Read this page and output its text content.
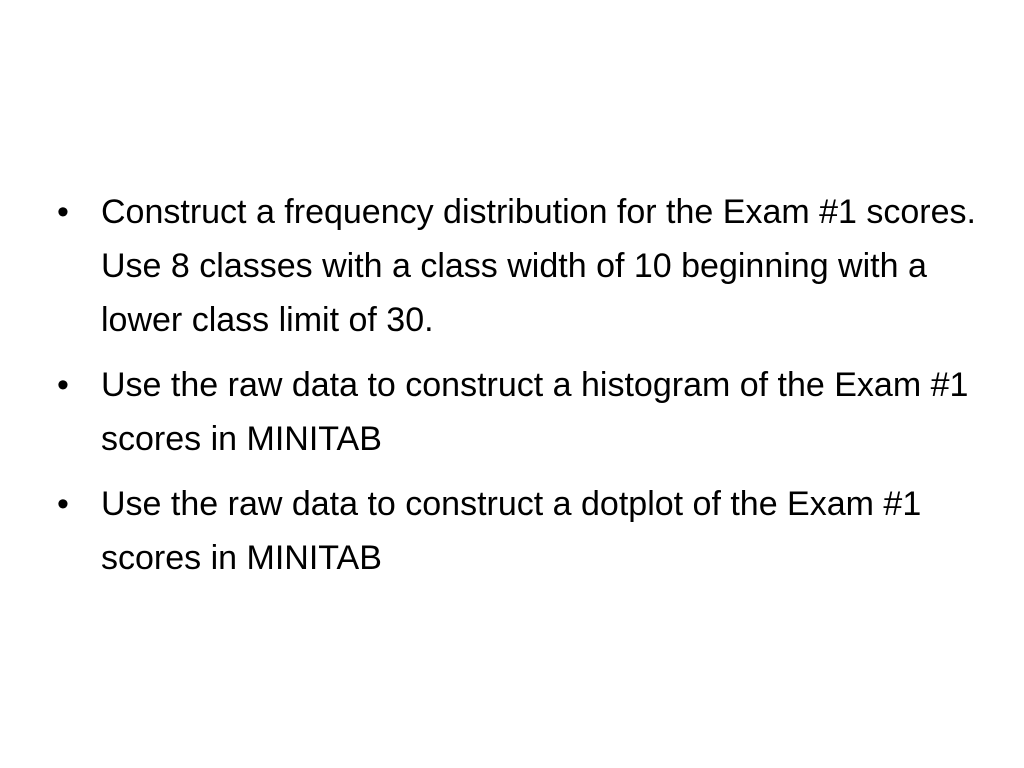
• Construct a frequency distribution for the Exam #1 scores.  Use 8 classes with a class width of 10 beginning with a lower class limit of 30.
• Use the raw data to construct a histogram of the Exam #1 scores in MINITAB
• Use the raw data to construct a dotplot of the Exam #1 scores in MINITAB
